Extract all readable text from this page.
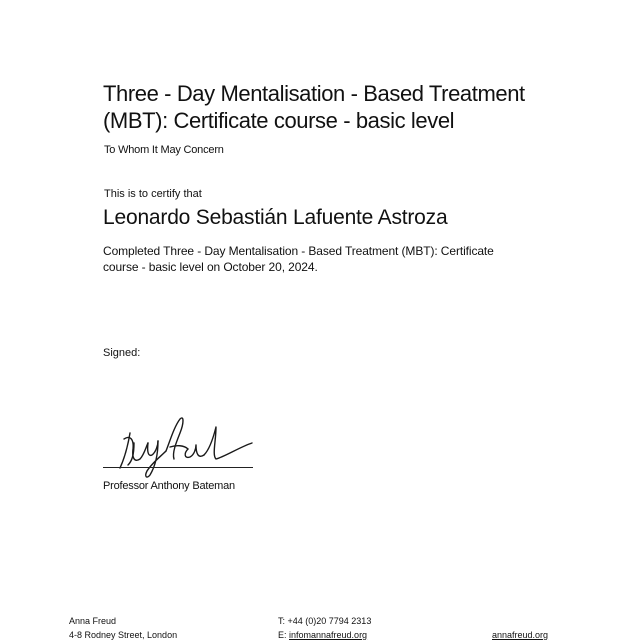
Three - Day Mentalisation - Based Treatment
(MBT): Certificate course - basic level
To Whom It May Concern
This is to certify that
Leonardo Sebastián Lafuente Astroza
Completed Three - Day Mentalisation - Based Treatment (MBT): Certificate
course - basic level on October 20, 2024.
Signed:
Professor Anthony Bateman
Anna Freud
4-8 Rodney Street, London
T: +44 (0)20 7794 2313
E: infomannafreud.org	annafreud.org
